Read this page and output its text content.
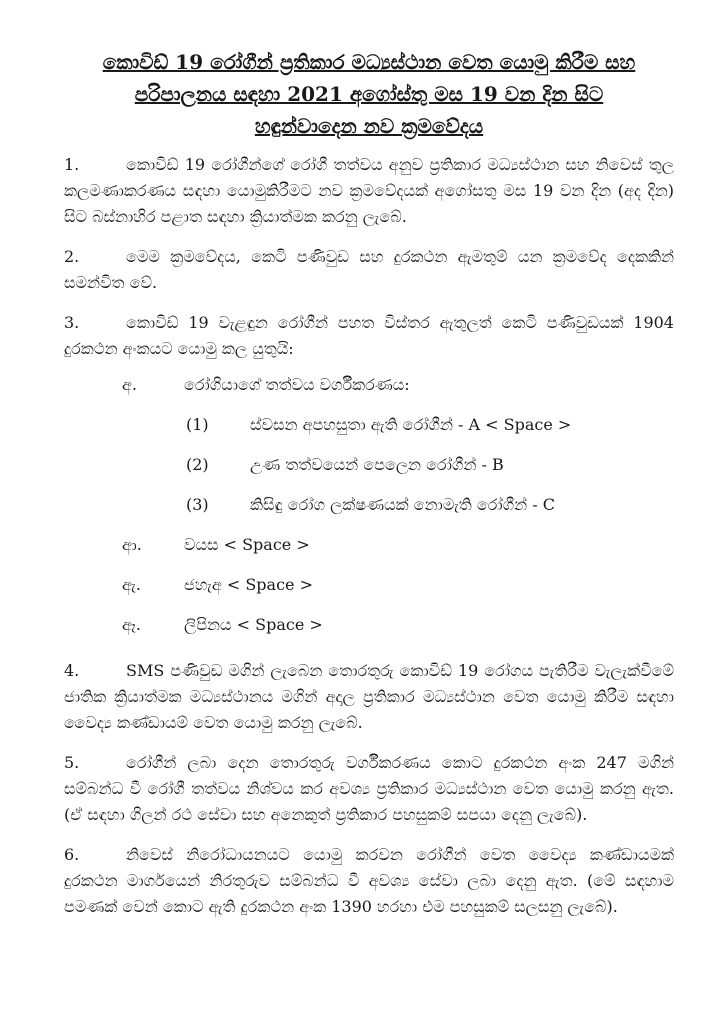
කොවිඩ් 19 රෝගීන් ප්‍රතිකාර මධ්‍යස්ථාන වෙත යොමු කිරීම සහ
පරිපාලනය සඳහා 2021 අගෝස්තු මස 19 වන දින සිට
හඳුන්වාදෙන නව ක්‍රමවේදය

1.	කොවිඩ් 19 රෝගීන්ගේ රෝගී තත්වය අනුව ප්‍රතිකාර මධ්‍යස්ථාන සහ නිවෙස් තුල කලමණාකරණය සඳහා යොමුකිරීමට නව ක්‍රමවේදයක් අගෝසතු මස 19 වන දින (අද දින) සිට බස්නාහිර පළාත සඳහා ක්‍රියාත්මක කරනු ලැබේ.

2.	මෙම ක්‍රමවේදය, කෙටි පණිවුඩ සහ දුරකථන ඇමතුම් යන ක්‍රමවේද දෙකකින් සමන්විත වේ.

3.	කොවිඩ් 19 වැළඳුන රෝගීන් පහත විස්තර ඇතුලත් කෙටි පණිවුඩයක් 1904 දුරකථන අංකයට යොමු කල යුතුයි:

අ.	රෝගියාගේ තත්වය වර්ගීකරණය:
(1)	ස්වසන අපහසුතා ඇති රෝගීන් - A < Space >
(2)	උණ තත්වයෙන් පෙලෙන රෝගීන් - B
(3)	කිසිඳු රෝග ලක්ෂණයක් නොමැති රෝගීන් - C
ආ.	වයස < Space >
ඇ.	ජහැඅ < Space >
ඈ.	ලිපිනය < Space >

4.	SMS පණිවුඩ මගින් ලැබෙන තොරතුරු කොවිඩ් 19 රෝගය පැතිරීම වැලැක්වීමේ ජාතික ක්‍රියාත්මක මධ්‍යස්ථානය මගින් අදාල ප්‍රතිකාර මධ්‍යස්ථාන වෙත යොමු කිරීම සඳහා වෛද්‍ය කණ්ඩායම් වෙත යොමු කරනු ලැබේ.

5.	රෝගීන් ලබා දෙන තොරතුරු වර්ගීකරණය කොට දුරකථන අංක 247 මගින් සම්බන්ධ වී රෝගී තත්වය නිශ්වය කර අවශ්‍ය ප්‍රතිකාර මධ්‍යස්ථාන වෙත යොමු කරනු ඇත. (ඒ සඳහා ගිලන් රථ සේවා සහ අනෙකුත් ප්‍රතිකාර පහසුකම් සපයා දෙනු ලැබේ).

6.	නිවෙස් නිරෝධායනයට යොමු කරවන රෝගීන් වෙත වෛද්‍ය කණ්ඩායමක් දුරකථන මාර්ගයෙන් නිරතුරුව සම්බන්ධ වී අවශ්‍ය සේවා ලබා දෙනු ඇත. (මේ සඳහාම පමණක් වෙන් කොට ඇති දුරකථන අංක 1390 හරහා එම පහසුකම් සලසනු ලැබේ).
